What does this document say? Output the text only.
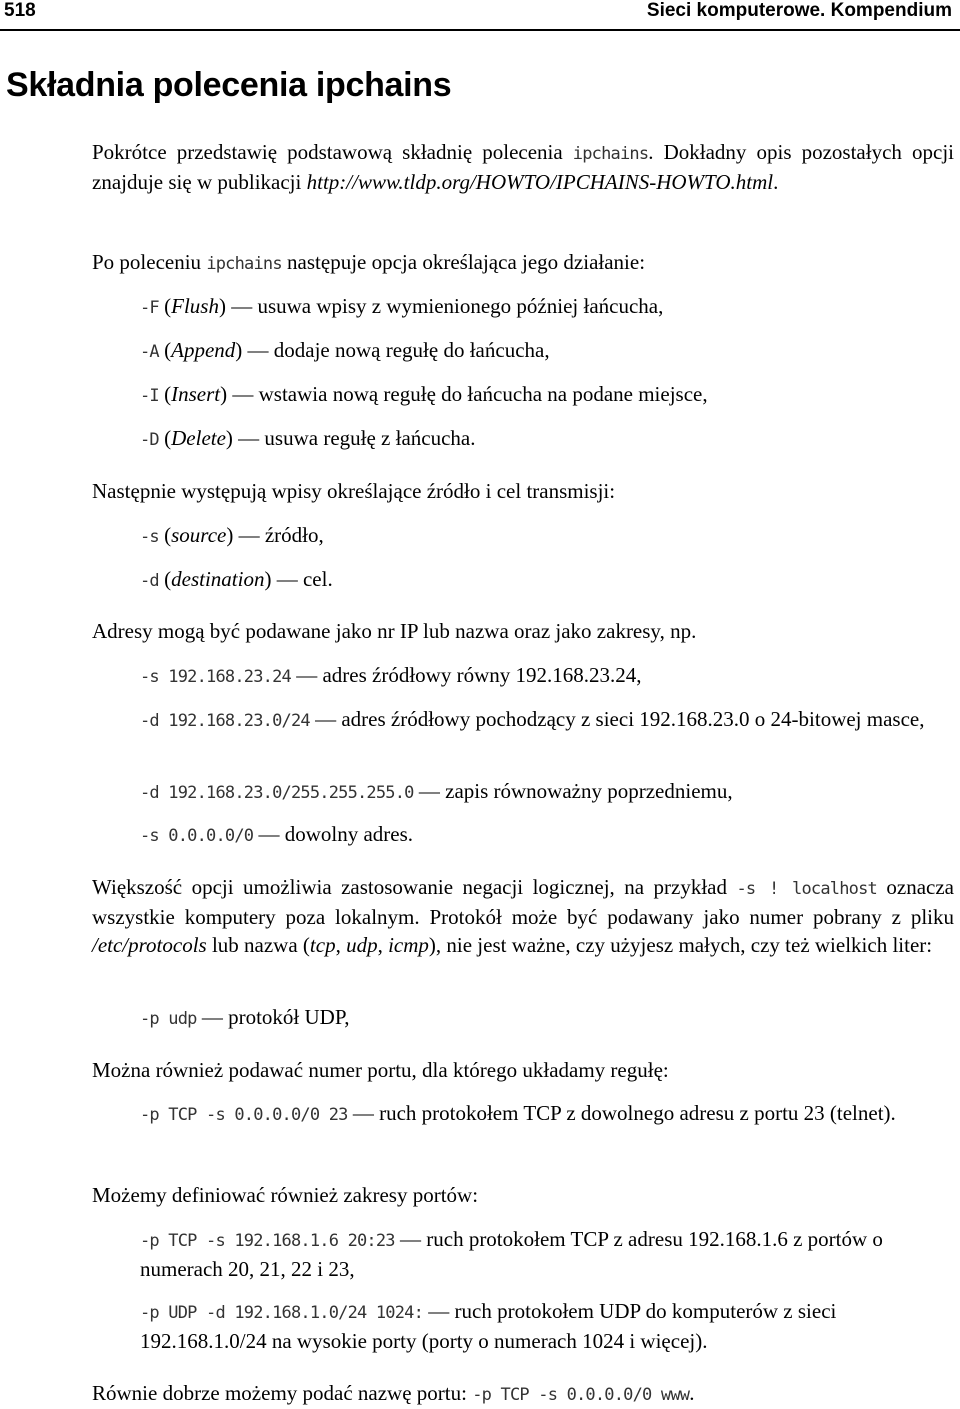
518	Sieci komputerowe. Kompendium
Składnia polecenia ipchains

Pokrótce przedstawię podstawową składnię polecenia ipchains. Dokładny opis pozostałych opcji znajduje się w publikacji http://www.tldp.org/HOWTO/IPCHAINS-HOWTO.html.

Po poleceniu ipchains następuje opcja określająca jego działanie:

-F (Flush) — usuwa wpisy z wymienionego później łańcucha,

-A (Append) — dodaje nową regułę do łańcucha,

-I (Insert) — wstawia nową regułę do łańcucha na podane miejsce,

-D (Delete) — usuwa regułę z łańcucha.

Następnie występują wpisy określające źródło i cel transmisji:

-s (source) — źródło,

-d (destination) — cel.

Adresy mogą być podawane jako nr IP lub nazwa oraz jako zakresy, np.

-s 192.168.23.24 — adres źródłowy równy 192.168.23.24,

-d 192.168.23.0/24 — adres źródłowy pochodzący z sieci 192.168.23.0 o 24-bitowej masce,

-d 192.168.23.0/255.255.255.0 — zapis równoważny poprzedniemu,

-s 0.0.0.0/0 — dowolny adres.

Większość opcji umożliwia zastosowanie negacji logicznej, na przykład -s ! localhost oznacza wszystkie komputery poza lokalnym. Protokół może być podawany jako numer pobrany z pliku /etc/protocols lub nazwa (tcp, udp, icmp), nie jest ważne, czy użyjesz małych, czy też wielkich liter:

-p udp — protokół UDP,

Można również podawać numer portu, dla którego układamy regułę:

-p TCP -s 0.0.0.0/0 23 — ruch protokołem TCP z dowolnego adresu z portu 23 (telnet).

Możemy definiować również zakresy portów:

-p TCP -s 192.168.1.6 20:23 — ruch protokołem TCP z adresu 192.168.1.6 z portów o numerach 20, 21, 22 i 23,

-p UDP -d 192.168.1.0/24 1024: — ruch protokołem UDP do komputerów z sieci 192.168.1.0/24 na wysokie porty (porty o numerach 1024 i więcej).

Równie dobrze możemy podać nazwę portu: -p TCP -s 0.0.0.0/0 www.
